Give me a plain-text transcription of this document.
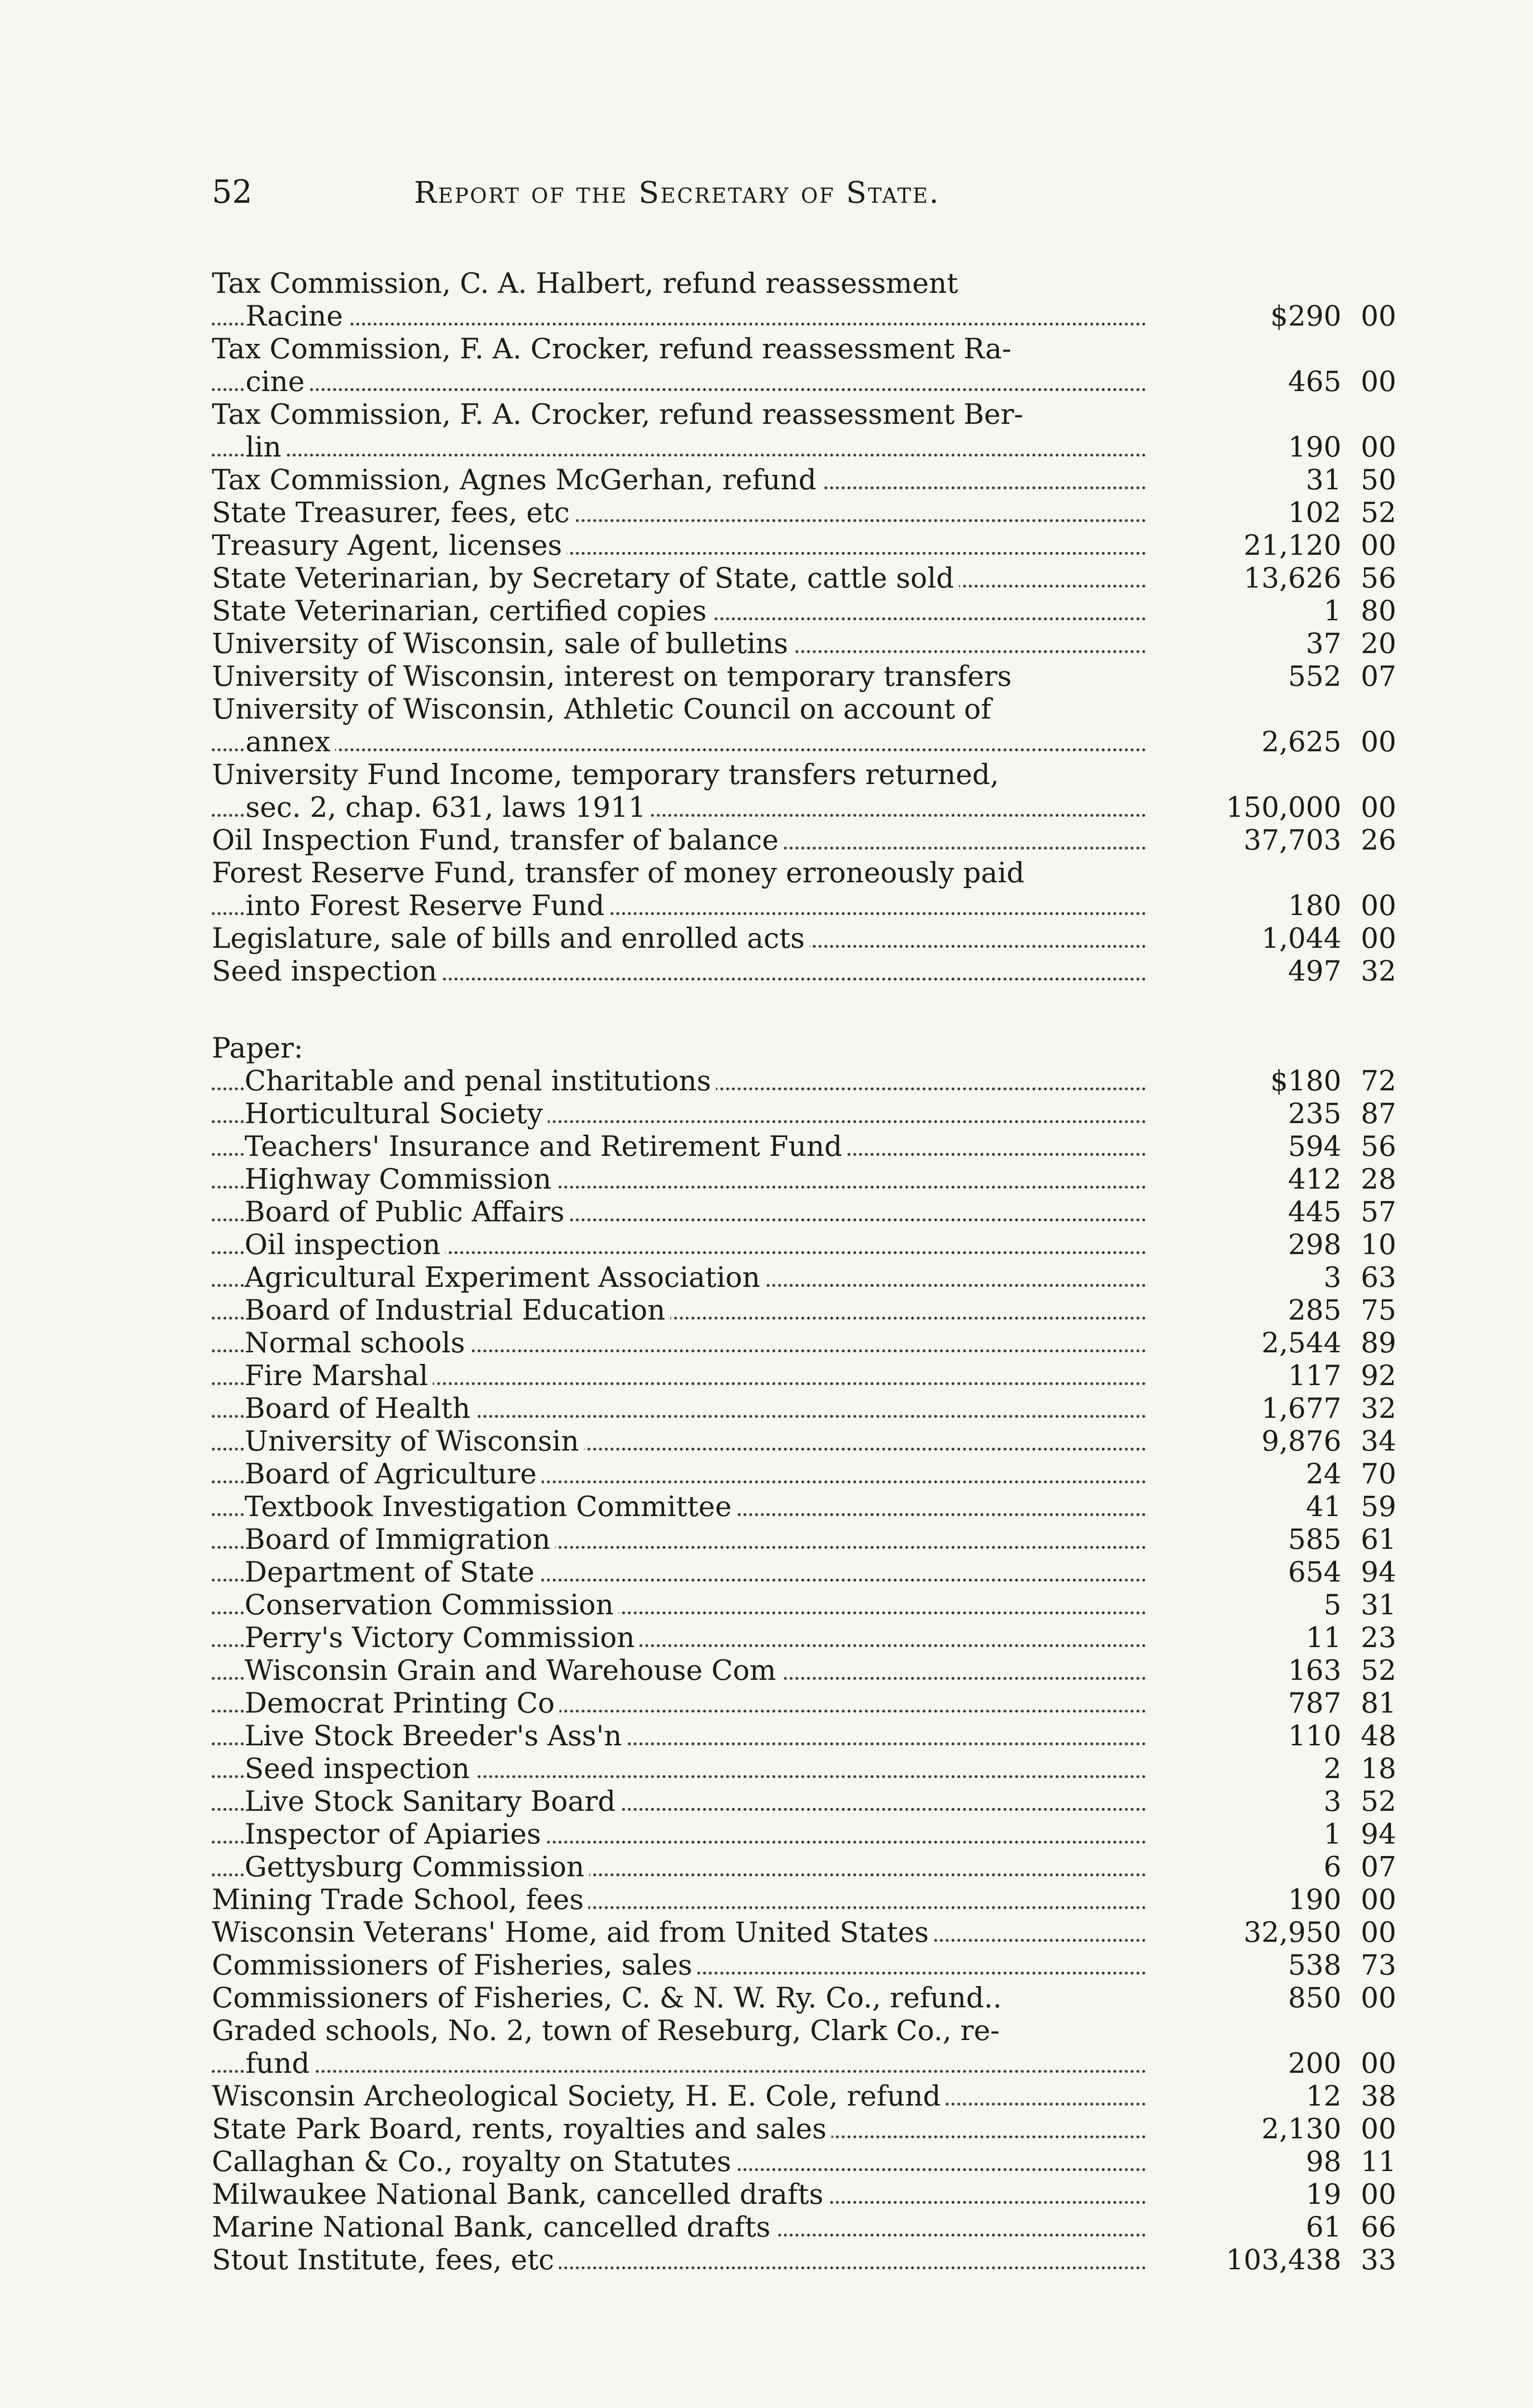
52	Report of the Secretary of State.
Tax Commission, C. A. Halbert, refund reassessment
Racine	$290 00
Tax Commission, F. A. Crocker, refund reassessment Ra-
cine	465 00
Tax Commission, F. A. Crocker, refund reassessment Ber-
lin	190 00
Tax Commission, Agnes McGerhan, refund	31 50
State Treasurer, fees, etc	102 52
Treasury Agent, licenses	21,120 00
State Veterinarian, by Secretary of State, cattle sold	13,626 56
State Veterinarian, certified copies	1 80
University of Wisconsin, sale of bulletins	37 20
University of Wisconsin, interest on temporary transfers	552 07
University of Wisconsin, Athletic Council on account of
annex	2,625 00
University Fund Income, temporary transfers returned,
sec. 2, chap. 631, laws 1911	150,000 00
Oil Inspection Fund, transfer of balance	37,703 26
Forest Reserve Fund, transfer of money erroneously paid
into Forest Reserve Fund	180 00
Legislature, sale of bills and enrolled acts	1,044 00
Seed inspection	497 32
Paper:
Charitable and penal institutions	$180 72
Horticultural Society	235 87
Teachers' Insurance and Retirement Fund	594 56
Highway Commission	412 28
Board of Public Affairs	445 57
Oil inspection	298 10
Agricultural Experiment Association	3 63
Board of Industrial Education	285 75
Normal schools	2,544 89
Fire Marshal	117 92
Board of Health	1,677 32
University of Wisconsin	9,876 34
Board of Agriculture	24 70
Textbook Investigation Committee	41 59
Board of Immigration	585 61
Department of State	654 94
Conservation Commission	5 31
Perry's Victory Commission	11 23
Wisconsin Grain and Warehouse Com	163 52
Democrat Printing Co	787 81
Live Stock Breeder's Ass'n	110 48
Seed inspection	2 18
Live Stock Sanitary Board	3 52
Inspector of Apiaries	1 94
Gettysburg Commission	6 07
Mining Trade School, fees	190 00
Wisconsin Veterans' Home, aid from United States	32,950 00
Commissioners of Fisheries, sales	538 73
Commissioners of Fisheries, C. & N. W. Ry. Co., refund..	850 00
Graded schools, No. 2, town of Reseburg, Clark Co., re-
fund	200 00
Wisconsin Archeological Society, H. E. Cole, refund	12 38
State Park Board, rents, royalties and sales	2,130 00
Callaghan & Co., royalty on Statutes	98 11
Milwaukee National Bank, cancelled drafts	19 00
Marine National Bank, cancelled drafts	61 66
Stout Institute, fees, etc	103,438 33
